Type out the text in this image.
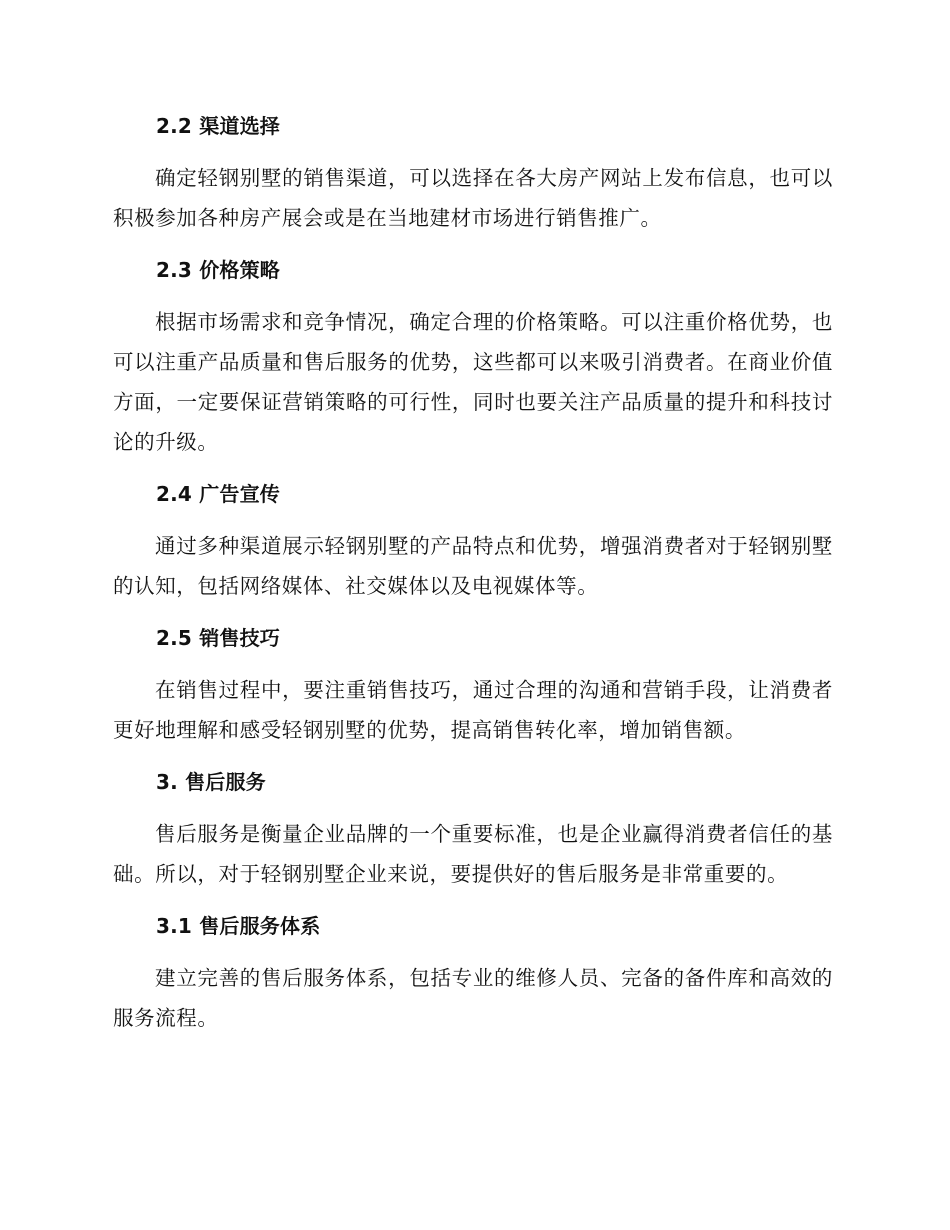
2.2 渠道选择

确定轻钢别墅的销售渠道，可以选择在各大房产网站上发布信息，也可以积极参加各种房产展会或是在当地建材市场进行销售推广。

2.3 价格策略

根据市场需求和竞争情况，确定合理的价格策略。可以注重价格优势，也可以注重产品质量和售后服务的优势，这些都可以来吸引消费者。在商业价值方面，一定要保证营销策略的可行性，同时也要关注产品质量的提升和科技讨论的升级。

2.4 广告宣传

通过多种渠道展示轻钢别墅的产品特点和优势，增强消费者对于轻钢别墅的认知，包括网络媒体、社交媒体以及电视媒体等。

2.5 销售技巧

在销售过程中，要注重销售技巧，通过合理的沟通和营销手段，让消费者更好地理解和感受轻钢别墅的优势，提高销售转化率，增加销售额。

3. 售后服务

售后服务是衡量企业品牌的一个重要标准，也是企业赢得消费者信任的基础。所以，对于轻钢别墅企业来说，要提供好的售后服务是非常重要的。

3.1 售后服务体系

建立完善的售后服务体系，包括专业的维修人员、完备的备件库和高效的服务流程。
